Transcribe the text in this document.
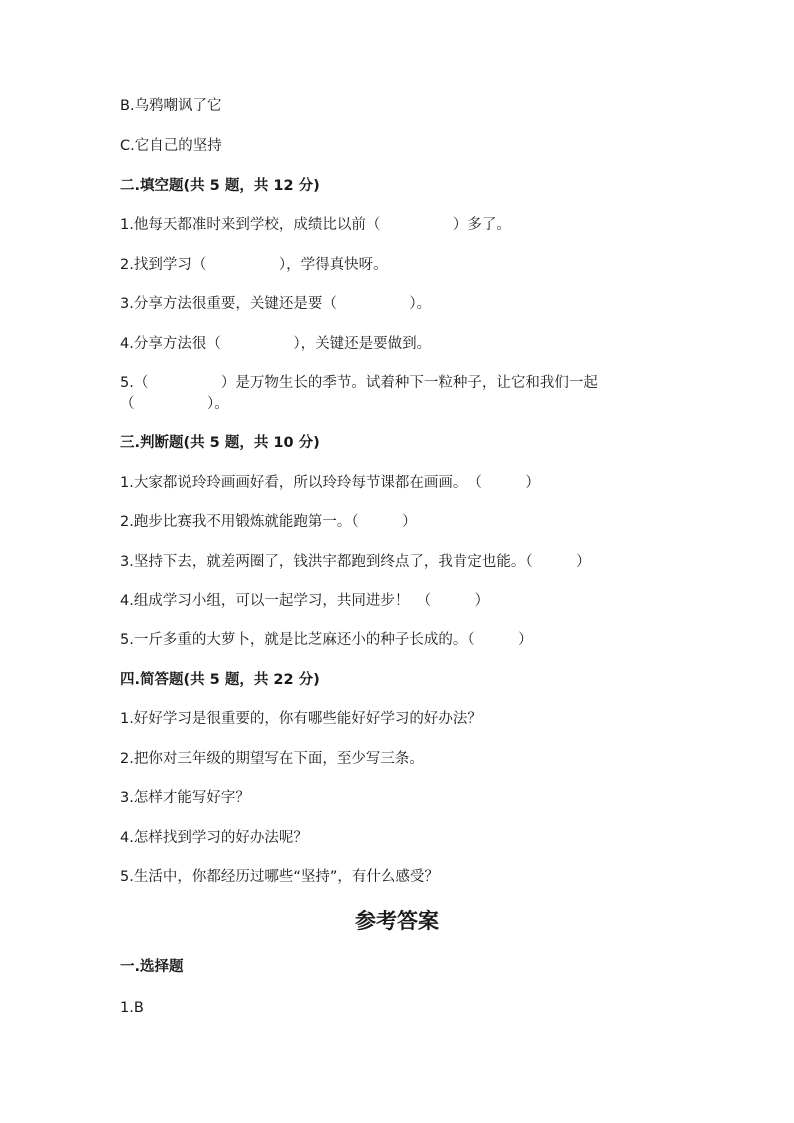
B.乌鸦嘲讽了它
C.它自己的坚持
二.填空题(共 5 题，共 12 分)
1.他每天都准时来到学校，成绩比以前（　　　　　）多了。
2.找到学习（　　　　　），学得真快呀。
3.分享方法很重要，关键还是要（　　　　　）。
4.分享方法很（　　　　　），关键还是要做到。
5.（　　　　　）是万物生长的季节。试着种下一粒种子，让它和我们一起
（　　　　　）。
三.判断题(共 5 题，共 10 分)
1.大家都说玲玲画画好看，所以玲玲每节课都在画画。　（　　　）
2.跑步比赛我不用锻炼就能跑第一。（　　　）
3.坚持下去，就差两圈了，钱洪宇都跑到终点了，我肯定也能。（　　　）
4.组成学习小组，可以一起学习，共同进步！　（　　　）
5.一斤多重的大萝卜，就是比芝麻还小的种子长成的。（　　　）
四.简答题(共 5 题，共 22 分)
1.好好学习是很重要的，你有哪些能好好学习的好办法？
2.把你对三年级的期望写在下面，至少写三条。
3.怎样才能写好字？
4.怎样找到学习的好办法呢？
5.生活中，你都经历过哪些“坚持”，有什么感受？
参考答案
一.选择题
1.B
